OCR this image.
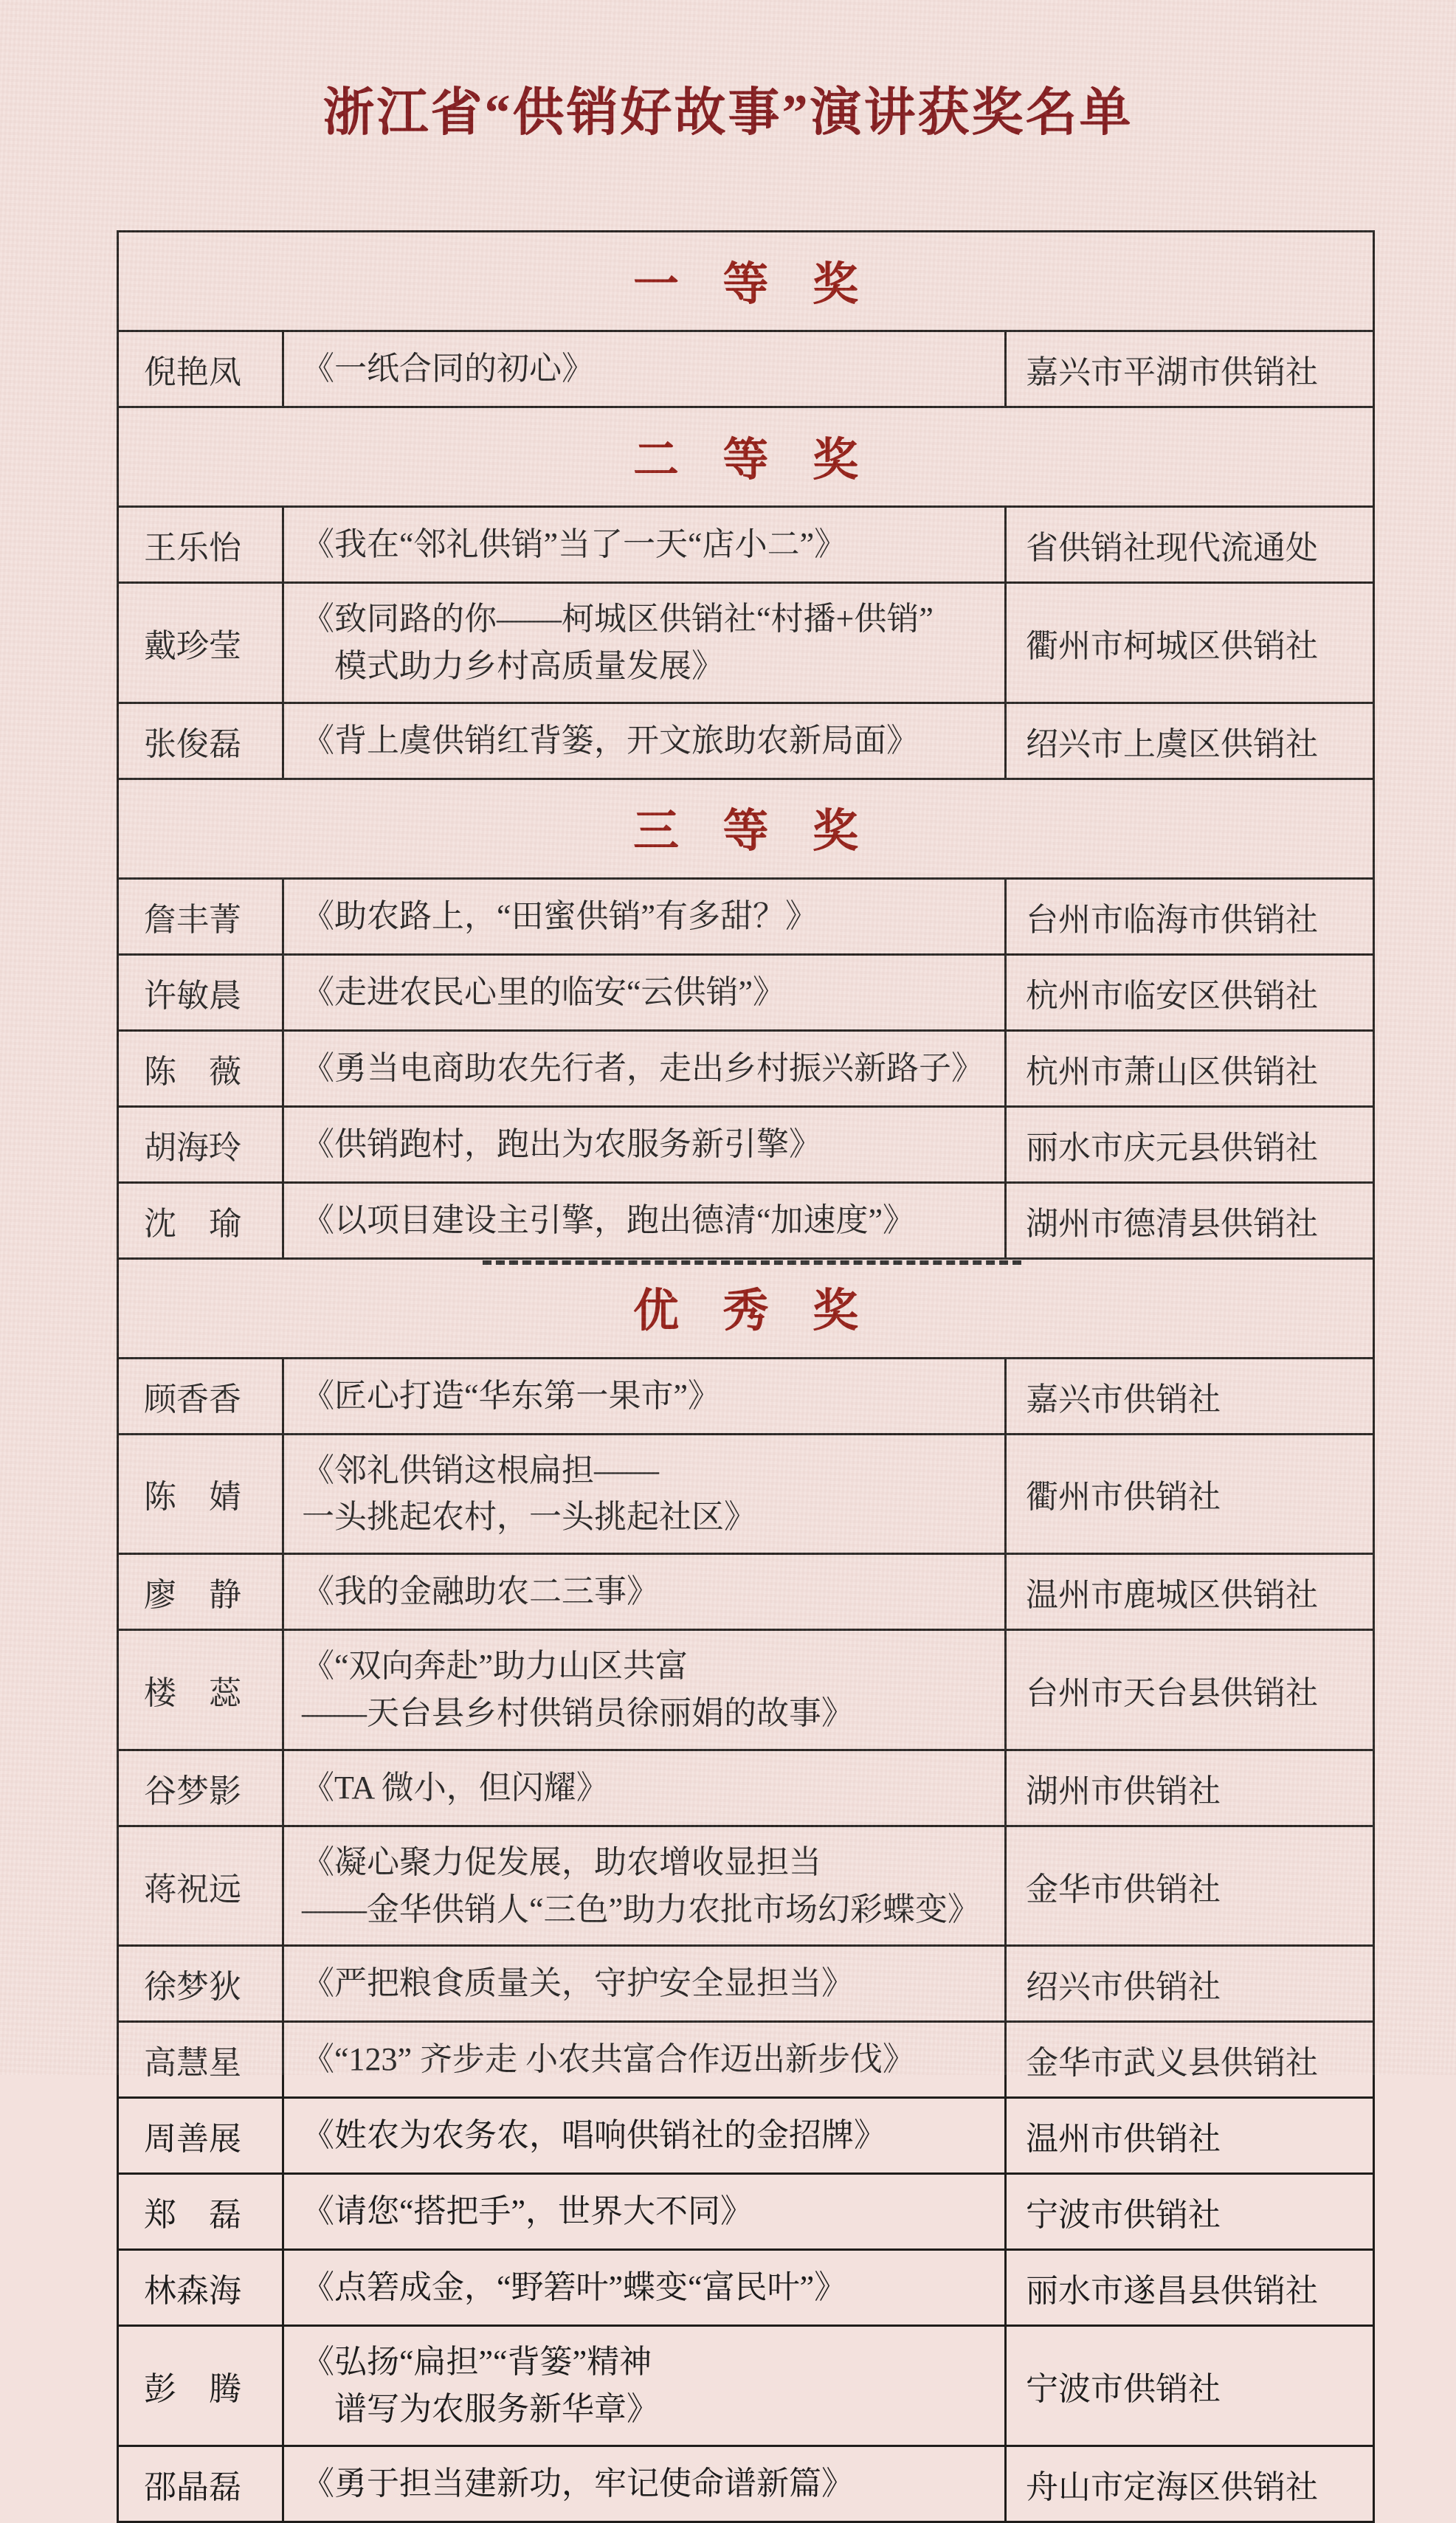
浙江省“供销好故事”演讲获奖名单
一 等 奖		
倪艳凤	《一纸合同的初心》	嘉兴市平湖市供销社
二 等 奖		
王乐怡	《我在“邻礼供销”当了一天“店小二”》	省供销社现代流通处
戴珍莹	《致同路的你——柯城区供销社“村播+供销”
　模式助力乡村高质量发展》	衢州市柯城区供销社
张俊磊	《背上虞供销红背篓，开文旅助农新局面》	绍兴市上虞区供销社
三 等 奖		
詹丰菁	《助农路上，“田蜜供销”有多甜？》	台州市临海市供销社
许敏晨	《走进农民心里的临安“云供销”》	杭州市临安区供销社
陈　薇	《勇当电商助农先行者，走出乡村振兴新路子》	杭州市萧山区供销社
胡海玲	《供销跑村，跑出为农服务新引擎》	丽水市庆元县供销社
沈　瑜	《以项目建设主引擎，跑出德清“加速度”》	湖州市德清县供销社
优 秀 奖		

顾香香	《匠心打造“华东第一果市”》	嘉兴市供销社
陈　婧	《邻礼供销这根扁担——
一头挑起农村，一头挑起社区》	衢州市供销社
廖　静	《我的金融助农二三事》	温州市鹿城区供销社
楼　蕊	《“双向奔赴”助力山区共富
——天台县乡村供销员徐丽娟的故事》	台州市天台县供销社
谷梦影	《TA 微小，但闪耀》	湖州市供销社
蒋祝远	《凝心聚力促发展，助农增收显担当
——金华供销人“三色”助力农批市场幻彩蝶变》	金华市供销社
徐梦狄	《严把粮食质量关，守护安全显担当》	绍兴市供销社
高慧星	《“123” 齐步走 小农共富合作迈出新步伐》	金华市武义县供销社
周善展	《姓农为农务农，唱响供销社的金招牌》	温州市供销社
郑　磊	《请您“搭把手”，世界大不同》	宁波市供销社
林森海	《点箬成金，“野箬叶”蝶变“富民叶”》	丽水市遂昌县供销社
彭　腾	《弘扬“扁担”“背篓”精神
　谱写为农服务新华章》	宁波市供销社
邵晶磊	《勇于担当建新功，牢记使命谱新篇》	舟山市定海区供销社
